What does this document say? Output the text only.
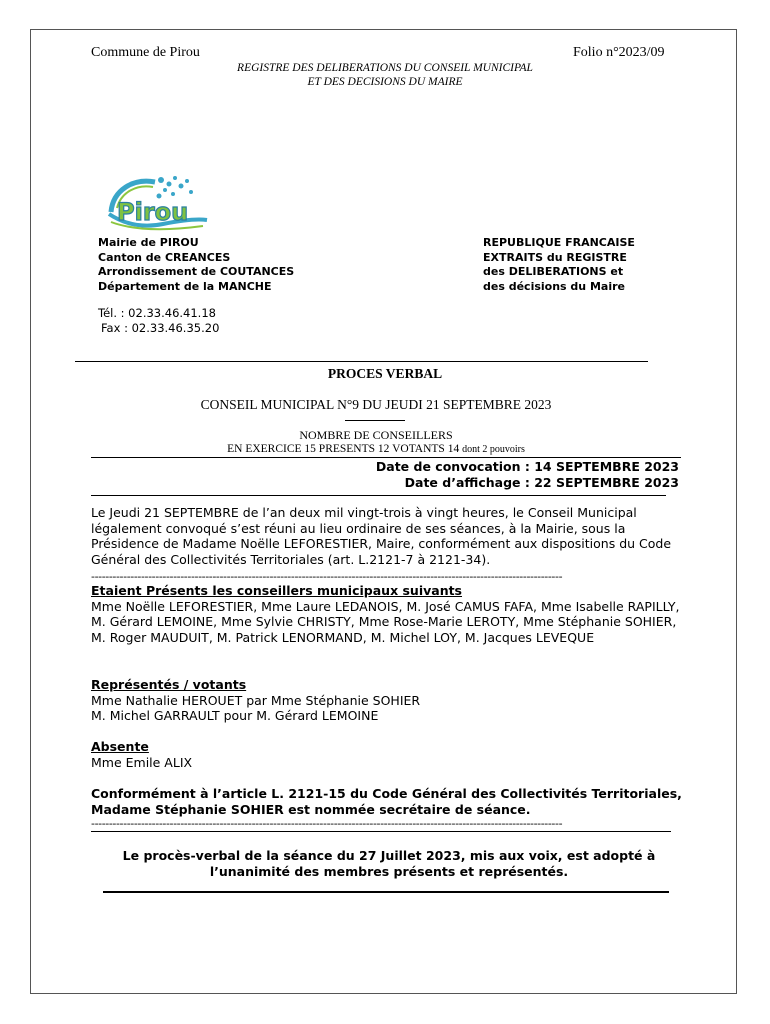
Commune de Pirou	Folio n°2023/09
REGISTRE DES DELIBERATIONS DU CONSEIL MUNICIPAL
ET DES DECISIONS DU MAIRE
Pirou
Mairie de PIROU
Canton de CREANCES
Arrondissement de COUTANCES
Département de la MANCHE
REPUBLIQUE FRANCAISE
EXTRAITS du REGISTRE
des DELIBERATIONS et
des décisions du Maire
Tél. : 02.33.46.41.18
Fax : 02.33.46.35.20
PROCES VERBAL
CONSEIL MUNICIPAL N°9 DU JEUDI 21 SEPTEMBRE 2023
NOMBRE DE CONSEILLERS
EN EXERCICE 15 PRESENTS 12 VOTANTS 14 dont 2 pouvoirs
Date de convocation : 14 SEPTEMBRE 2023
Date d’affichage : 22 SEPTEMBRE 2023
Le Jeudi 21 SEPTEMBRE de l’an deux mil vingt-trois à vingt heures, le Conseil Municipal légalement convoqué s’est réuni au lieu ordinaire de ses séances, à la Mairie, sous la Présidence de Madame Noëlle LEFORESTIER, Maire, conformément aux dispositions du Code Général des Collectivités Territoriales (art. L.2121-7 à 2121-34).
------------------------------------------------------------------------------------------------------------------------------------
Etaient Présents les conseillers municipaux suivants
Mme Noëlle LEFORESTIER, Mme Laure LEDANOIS, M. José CAMUS FAFA, Mme Isabelle RAPILLY, M. Gérard LEMOINE, Mme Sylvie CHRISTY, Mme Rose-Marie LEROTY, Mme Stéphanie SOHIER, M. Roger MAUDUIT, M. Patrick LENORMAND, M. Michel LOY, M. Jacques LEVEQUE
Représentés / votants
Mme Nathalie HEROUET par Mme Stéphanie SOHIER
M. Michel GARRAULT pour M. Gérard LEMOINE
Absente
Mme Emile ALIX
Conformément à l’article L. 2121-15 du Code Général des Collectivités Territoriales,
Madame Stéphanie SOHIER est nommée secrétaire de séance.
------------------------------------------------------------------------------------------------------------------------------------
Le procès-verbal de la séance du 27 Juillet 2023, mis aux voix, est adopté à
l’unanimité des membres présents et représentés.
